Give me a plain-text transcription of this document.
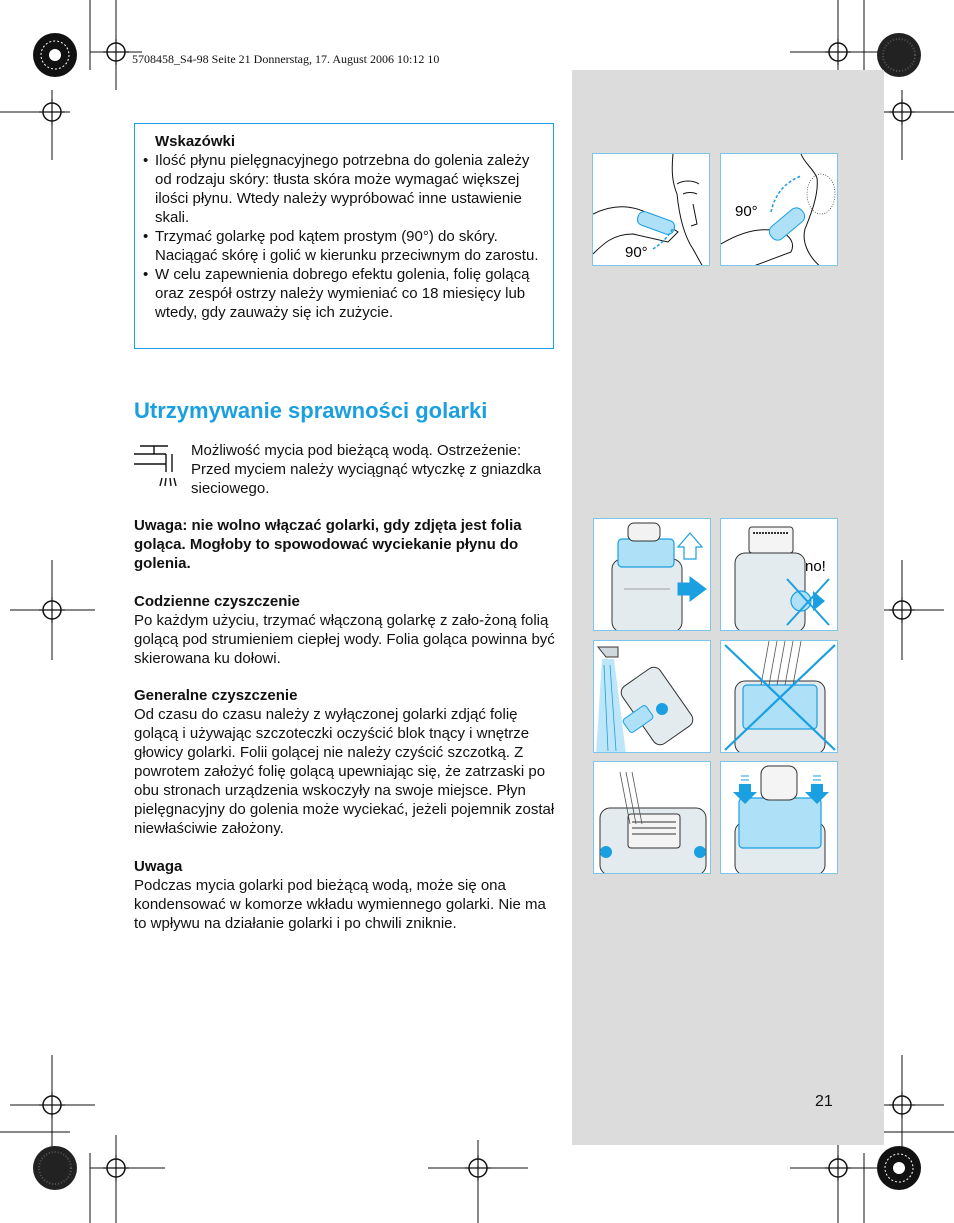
5708458_S4-98 Seite 21 Donnerstag, 17. August 2006 10:12 10
Wskazówki
• Ilość płynu pielęgnacyjnego potrzebna do golenia zależy od rodzaju skóry: tłusta skóra może wymagać większej ilości płynu. Wtedy należy wypróbować inne ustawienie skali.
• Trzymać golarkę pod kątem prostym (90°) do skóry. Naciągać skórę i golić w kierunku przeciwnym do zarostu.
• W celu zapewnienia dobrego efektu golenia, folię golącą oraz zespół ostrzy należy wymieniać co 18 miesięcy lub wtedy, gdy zauważy się ich zużycie.
Utrzymywanie sprawności golarki
Możliwość mycia pod bieżącą wodą. Ostrzeżenie: Przed myciem należy wyciągnąć wtyczkę z gniazdka sieciowego.
Uwaga: nie wolno włączać golarki, gdy zdjęta jest folia goląca. Mogłoby to spowodować wyciekanie płynu do golenia.
Codzienne czyszczenie
Po każdym użyciu, trzymać włączoną golarkę z zało-żoną folią golącą pod strumieniem ciepłej wody. Folia goląca powinna być skierowana ku dołowi.
Generalne czyszczenie
Od czasu do czasu należy z wyłączonej golarki zdjąć folię golącą i używając szczoteczki oczyścić blok tnący i wnętrze głowicy golarki. Folii golącej nie należy czyścić szczotką. Z powrotem założyć folię golącą upewniając się, że zatrzaski po obu stronach urządzenia wskoczyły na swoje miejsce. Płyn pielęgnacyjny do golenia może wyciekać, jeżeli pojemnik został niewłaściwie założony.
Uwaga
Podczas mycia golarki pod bieżącą wodą, może się ona kondensować w komorze wkładu wymiennego golarki. Nie ma to wpływu na działanie golarki i po chwili zniknie.
90°
90°
no!
21
